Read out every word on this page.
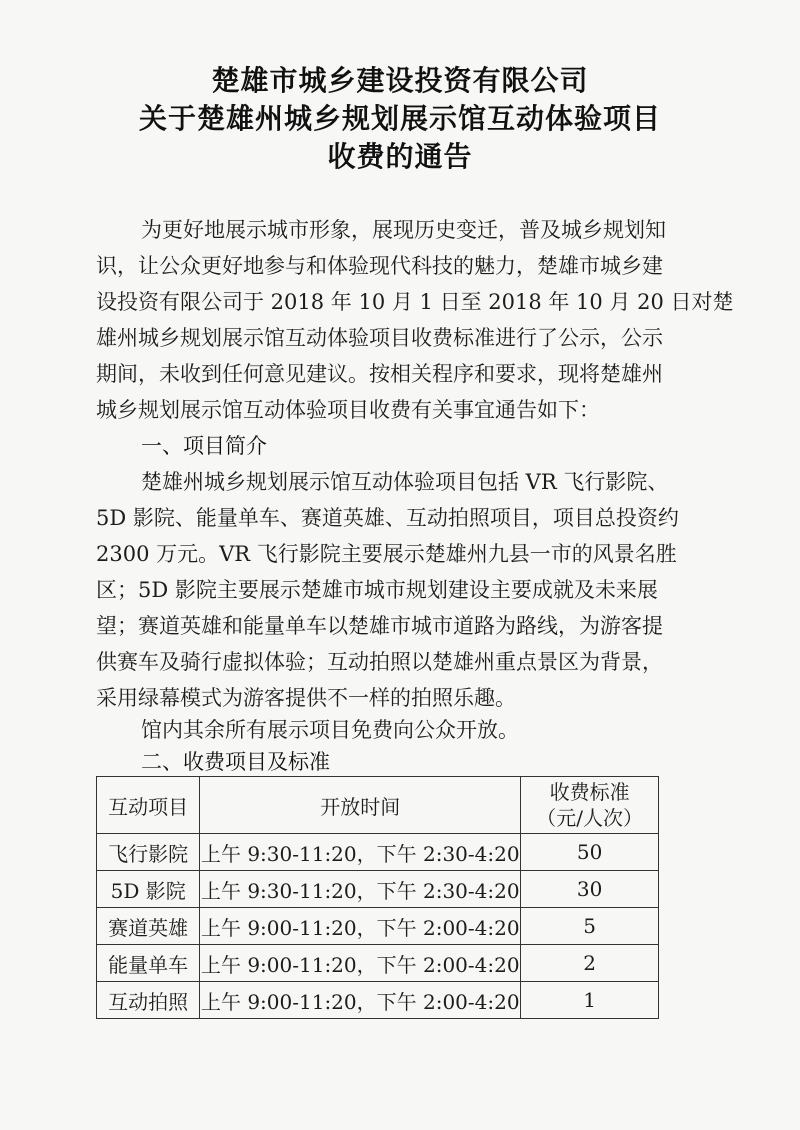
楚雄市城乡建设投资有限公司
关于楚雄州城乡规划展示馆互动体验项目
收费的通告
为更好地展示城市形象，展现历史变迁，普及城乡规划知
识，让公众更好地参与和体验现代科技的魅力，楚雄市城乡建
设投资有限公司于 2018 年 10 月 1 日至 2018 年 10 月 20 日对楚
雄州城乡规划展示馆互动体验项目收费标准进行了公示，公示
期间，未收到任何意见建议。按相关程序和要求，现将楚雄州
城乡规划展示馆互动体验项目收费有关事宜通告如下：
一、项目简介
楚雄州城乡规划展示馆互动体验项目包括 VR 飞行影院、
5D 影院、能量单车、赛道英雄、互动拍照项目，项目总投资约
2300 万元。VR 飞行影院主要展示楚雄州九县一市的风景名胜
区；5D 影院主要展示楚雄市城市规划建设主要成就及未来展
望；赛道英雄和能量单车以楚雄市城市道路为路线，为游客提
供赛车及骑行虚拟体验；互动拍照以楚雄州重点景区为背景，
采用绿幕模式为游客提供不一样的拍照乐趣。
馆内其余所有展示项目免费向公众开放。
二、收费项目及标准
互动项目	开放时间	收费标准
（元/人次）

飞行影院	上午 9:30-11:20，下午 2:30-4:20	50
5D 影院	上午 9:30-11:20，下午 2:30-4:20	30
赛道英雄	上午 9:00-11:20，下午 2:00-4:20	5
能量单车	上午 9:00-11:20，下午 2:00-4:20	2
互动拍照	上午 9:00-11:20，下午 2:00-4:20	1
